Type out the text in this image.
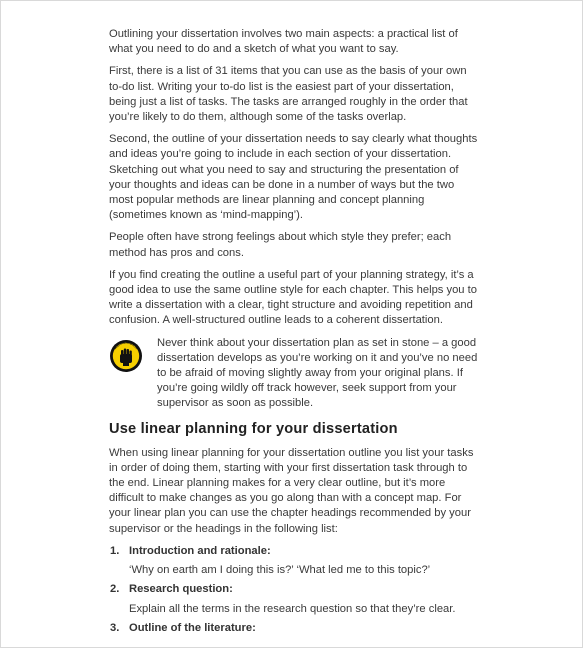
Outlining your dissertation involves two main aspects: a practical list of what you need to do and a sketch of what you want to say.

First, there is a list of 31 items that you can use as the basis of your own to-do list. Writing your to-do list is the easiest part of your dissertation, being just a list of tasks. The tasks are arranged roughly in the order that you’re likely to do them, although some of the tasks overlap.

Second, the outline of your dissertation needs to say clearly what thoughts and ideas you’re going to include in each section of your dissertation. Sketching out what you need to say and structuring the presentation of your thoughts and ideas can be done in a number of ways but the two most popular methods are linear planning and concept planning (sometimes known as ‘mind-mapping’).

People often have strong feelings about which style they prefer; each method has pros and cons.

If you find creating the outline a useful part of your planning strategy, it’s a good idea to use the same outline style for each chapter. This helps you to write a dissertation with a clear, tight structure and avoiding repetition and confusion. A well-structured outline leads to a coherent dissertation.

REMEMBER Never think about your dissertation plan as set in stone – a good dissertation develops as you’re working on it and you’ve no need to be afraid of moving slightly away from your original plans. If you’re going wildly off track however, seek support from your supervisor as soon as possible.

Use linear planning for your dissertation

When using linear planning for your dissertation outline you list your tasks in order of doing them, starting with your first dissertation task through to the end. Linear planning makes for a very clear outline, but it’s more difficult to make changes as you go along than with a concept map. For your linear plan you can use the chapter headings recommended by your supervisor or the headings in the following list:

1. Introduction and rationale:
‘Why on earth am I doing this is?’ ‘What led me to this topic?’
2. Research question:
Explain all the terms in the research question so that they’re clear.
3. Outline of the literature:
